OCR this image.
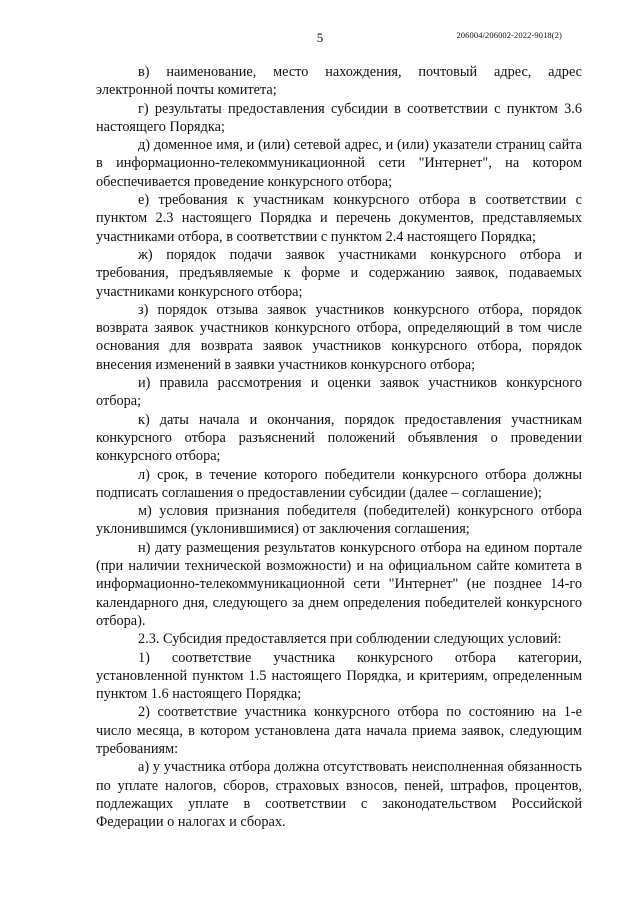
5	206004/206002-2022-9018(2)

в) наименование, место нахождения, почтовый адрес, адрес электронной почты комитета;

г) результаты предоставления субсидии в соответствии с пунктом 3.6 настоящего Порядка;

д) доменное имя, и (или) сетевой адрес, и (или) указатели страниц сайта в информационно-телекоммуникационной сети "Интернет", на котором обеспечивается проведение конкурсного отбора;

е) требования к участникам конкурсного отбора в соответствии с пунктом 2.3 настоящего Порядка и перечень документов, представляемых участниками отбора, в соответствии с пунктом 2.4 настоящего Порядка;

ж) порядок подачи заявок участниками конкурсного отбора и требования, предъявляемые к форме и содержанию заявок, подаваемых участниками конкурсного отбора;

з) порядок отзыва заявок участников конкурсного отбора, порядок возврата заявок участников конкурсного отбора, определяющий в том числе основания для возврата заявок участников конкурсного отбора, порядок внесения изменений в заявки участников конкурсного отбора;

и) правила рассмотрения и оценки заявок участников конкурсного отбора;

к) даты начала и окончания, порядок предоставления участникам конкурсного отбора разъяснений положений объявления о проведении конкурсного отбора;

л) срок, в течение которого победители конкурсного отбора должны подписать соглашения о предоставлении субсидии (далее – соглашение);

м) условия признания победителя (победителей) конкурсного отбора уклонившимся (уклонившимися) от заключения соглашения;

н) дату размещения результатов конкурсного отбора на едином портале (при наличии технической возможности) и на официальном сайте комитета в информационно-телекоммуникационной сети "Интернет" (не позднее 14-го календарного дня, следующего за днем определения победителей конкурсного отбора).

2.3. Субсидия предоставляется при соблюдении следующих условий:

1) соответствие участника конкурсного отбора категории, установленной пунктом 1.5 настоящего Порядка, и критериям, определенным пунктом 1.6 настоящего Порядка;

2) соответствие участника конкурсного отбора по состоянию на 1-е число месяца, в котором установлена дата начала приема заявок, следующим требованиям:

а) у участника отбора должна отсутствовать неисполненная обязанность по уплате налогов, сборов, страховых взносов, пеней, штрафов, процентов, подлежащих уплате в соответствии с законодательством Российской Федерации о налогах и сборах.
